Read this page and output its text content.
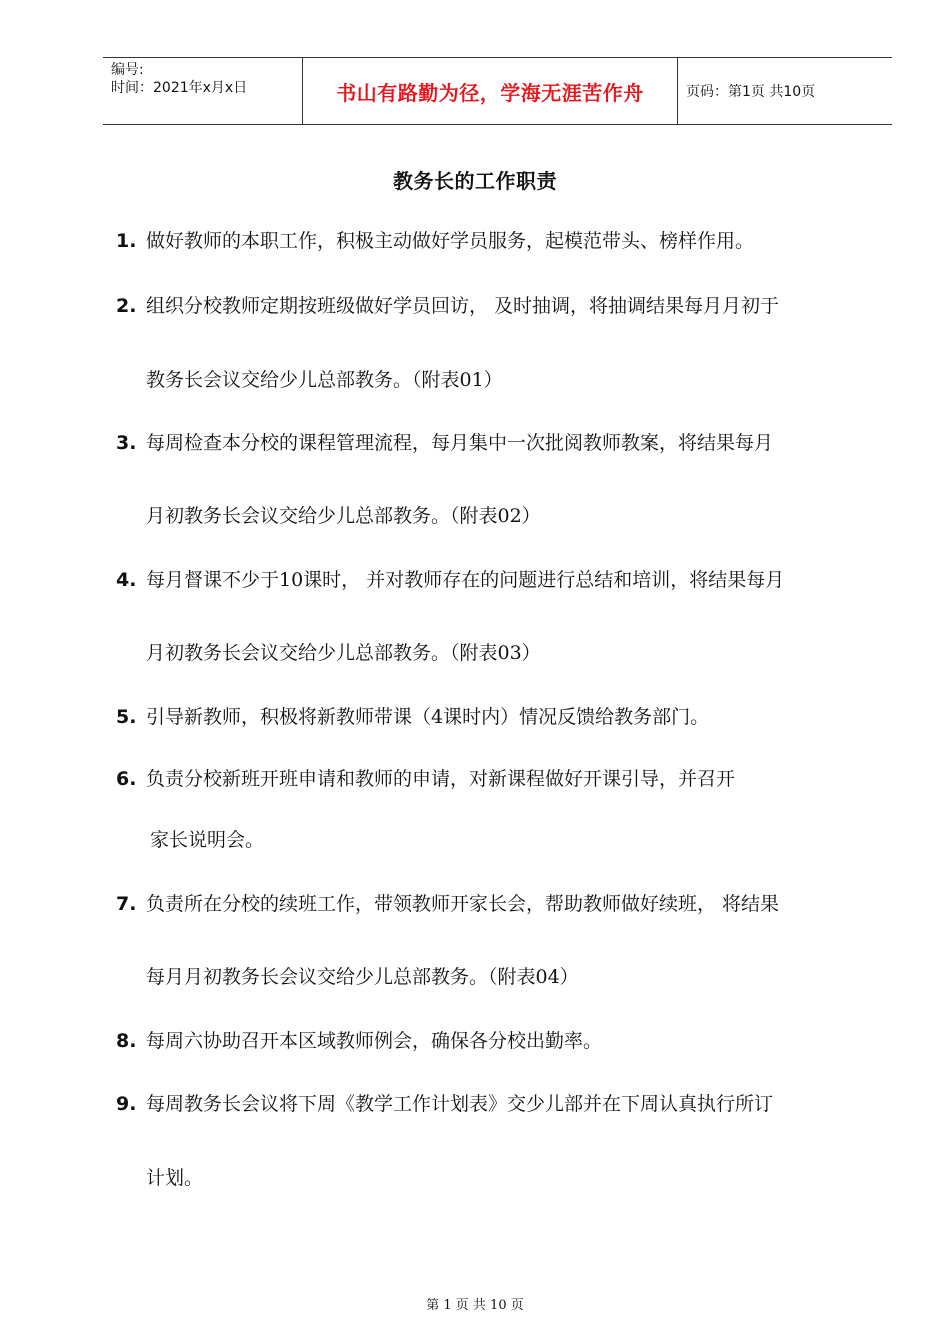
编号:
时间：2021年x月x日	书山有路勤为径，学海无涯苦作舟	页码：第1页 共10页
教务长的工作职责
1. 做好教师的本职工作，积极主动做好学员服务，起模范带头、榜样作用。
2. 组织分校教师定期按班级做好学员回访， 及时抽调，将抽调结果每月月初于
教务长会议交给少儿总部教务。（附表01）
3. 每周检查本分校的课程管理流程，每月集中一次批阅教师教案，将结果每月
月初教务长会议交给少儿总部教务。（附表02）
4. 每月督课不少于10课时， 并对教师存在的问题进行总结和培训，将结果每月
月初教务长会议交给少儿总部教务。（附表03）
5. 引导新教师，积极将新教师带课（4课时内）情况反馈给教务部门。
6. 负责分校新班开班申请和教师的申请，对新课程做好开课引导，并召开
家长说明会。
7. 负责所在分校的续班工作，带领教师开家长会，帮助教师做好续班， 将结果
每月月初教务长会议交给少儿总部教务。（附表04）
8. 每周六协助召开本区域教师例会，确保各分校出勤率。
9. 每周教务长会议将下周《教学工作计划表》交少儿部并在下周认真执行所订
计划。
第 1 页 共 10 页
